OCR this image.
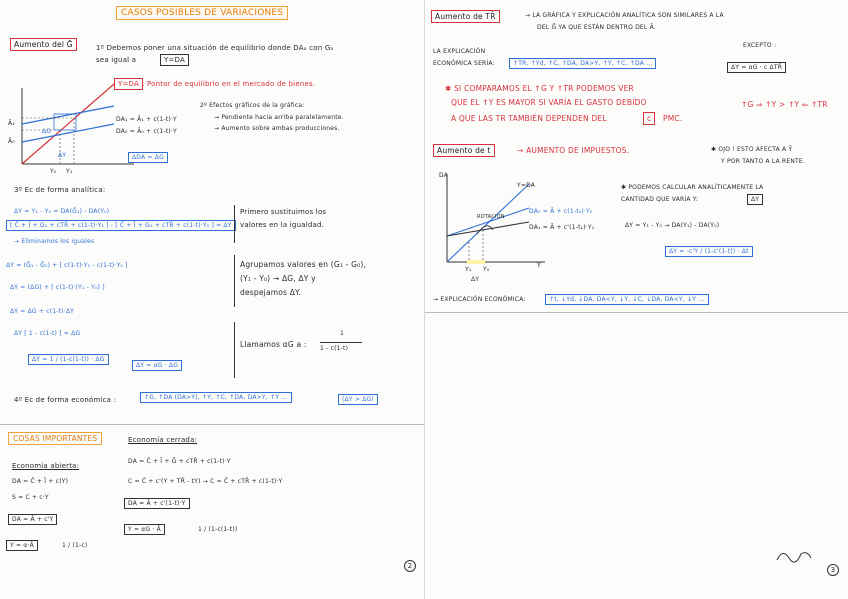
CASOS POSIBLES DE VARIACIONES
Aumento del Ḡ	1º Debemos poner una situación de equilibrio donde DAₒ con Gₒ
sea igual a	Y=DA
Y=DA : Pontor de equilibrio en el mercado de bienes.
Ā₁
Ā₀
Y₀ Y₁
DA₁ = Ā₁ + c(1-t)·Y
DA₀ = Ā₀ + c(1-t)·Y
ΔG
ΔY	ΔDA = ΔG
2º Efectos gráficos de la gráfica:
→ Pendiente hacia arriba paralelamente.
→ Aumento sobre ambas producciones.
3º Ec de forma analítica:
ΔY = Y₁ - Y₀ = DA(Ḡ₁) - DA(Y₀)
[ C̄ + Ī + G₁ + cTR̄ + c(1-t)·Y₁ ] - [ C̄ + Ī + G₀ + cTR̄ + c(1-t)·Y₀ ] = ΔY
→ Eliminamos los iguales
Primero sustituimos los
valores en la igualdad.
ΔY = (Ḡ₁ - Ḡ₀) + [ c(1-t)·Y₁ - c(1-t)·Y₀ ]
ΔY = (ΔG) + [ c(1-t)·(Y₁ - Y₀) ]
ΔY = ΔG + c(1-t)·ΔY
ΔY [ 1 - c(1-t) ] = ΔG
Agrupamos valores en (G₁ - G₀),
(Y₁ - Y₀) → ΔG, ΔY y
despejamos ΔY.
ΔY = 1 / (1-c(1-t)) · ΔG
ΔY = αG · ΔG
Llamamos αG a :
1
1 - c(1-t)
4º Ec de forma económica :	↑G, ↑DA (DA>Y), ↑Y, ↑C, ↑DA, DA>Y, ↑Y ...	(ΔY > ΔG)
COSAS IMPORTANTES	Economía cerrada:
Economía abierta:
DA = C̄ + Ī + c(Y)
S = C + c·Y
DA = Ā + c'Y
Y = α·Ā	1 / (1-c)
DA = C̄ + Ī + Ḡ + cTR̄ + c(1-t)·Y
C = C̄ + c'(Y + TR̄ - tY) → C = C̄ + cTR̄ + c(1-t)·Y
DA = Ā + c'(1-t)·Y
Y = αG · Ā	1 / (1-c(1-t))
2
Aumento de TR̄	→ LA GRÁFICA Y EXPLICACIÓN ANALÍTICA SON SIMILARES A LA
DEL Ḡ YA QUE ESTÁN DENTRO DEL Ā.
EXCEPTO :
LA EXPLICACIÓN
ECONÓMICA SERÍA:	↑TR, ↑Yd, ↑C, ↑DA, DA>Y, ↑Y, ↑C, ↑DA ...
ΔY = αG · c ΔTR̄
✱ SI COMPARAMOS EL ↑G Y ↑TR PODEMOS VER
QUE EL ↑Y ES MAYOR SI VARÍA EL GASTO DEBIDO
A QUE LAS TR TAMBIÉN DEPENDEN DEL	c	PMC.
↑G ⇒ ↑Y > ↑Y ⇐ ↑TR
Aumento de t	→ AUMENTO DE IMPUESTOS.	✱ OJO ! ESTO AFECTA A Ȳ
Y POR TANTO A LA RENTE.
DA
Y
Y=DA
DA₀ = Ā + c(1-t₀)·Y₀
DA₁ = Ā + c'(1-t₁)·Y₁
ROTACIÓN
Y₁ Y₀
ΔY
✱ PODEMOS CALCULAR ANALÍTICAMENTE LA
CANTIDAD QUE VARÍA Y:	ΔY
ΔY = Y₁ - Y₀ → DA(Y₁) - DA(Y₀)
ΔY = -c'Y / (1-c'(1-t)) · Δt
→ EXPLICACIÓN ECONÓMICA:	↑t, ↓Yd, ↓DA, DA<Y, ↓Y, ↓C, ↓DA, DA<Y, ↓Y ...
3
